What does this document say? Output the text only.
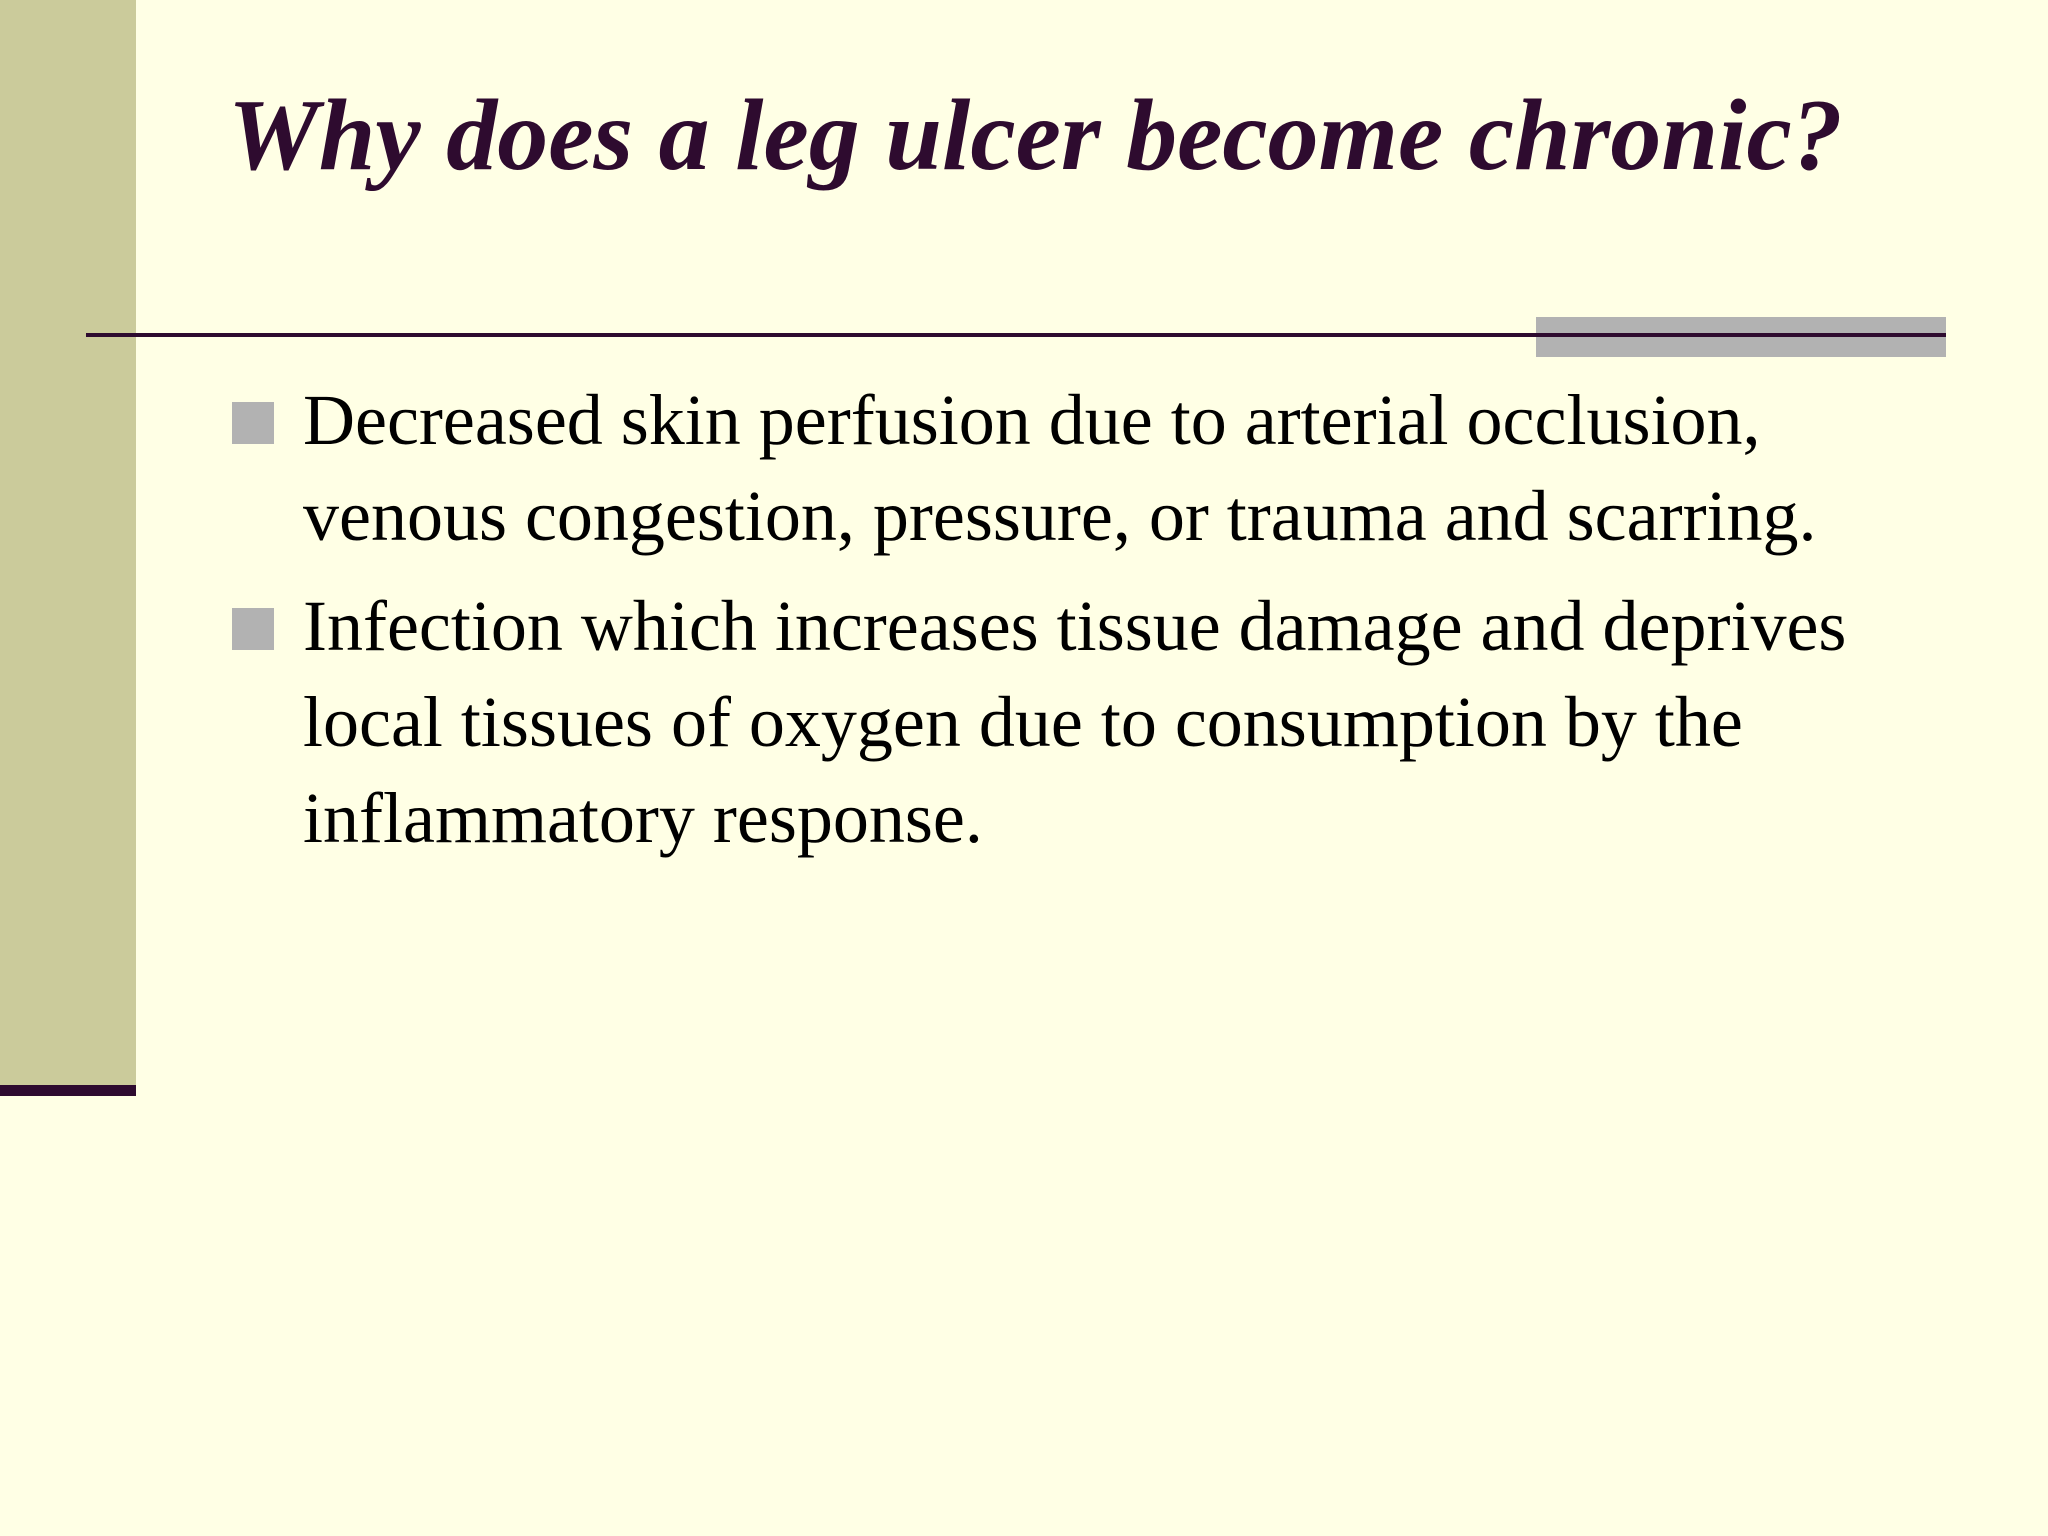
Why does a leg ulcer become chronic?
Decreased skin perfusion due to arterial occlusion, venous congestion, pressure, or trauma and scarring.
Infection which increases tissue damage and deprives local tissues of oxygen due to consumption by the inflammatory response.
